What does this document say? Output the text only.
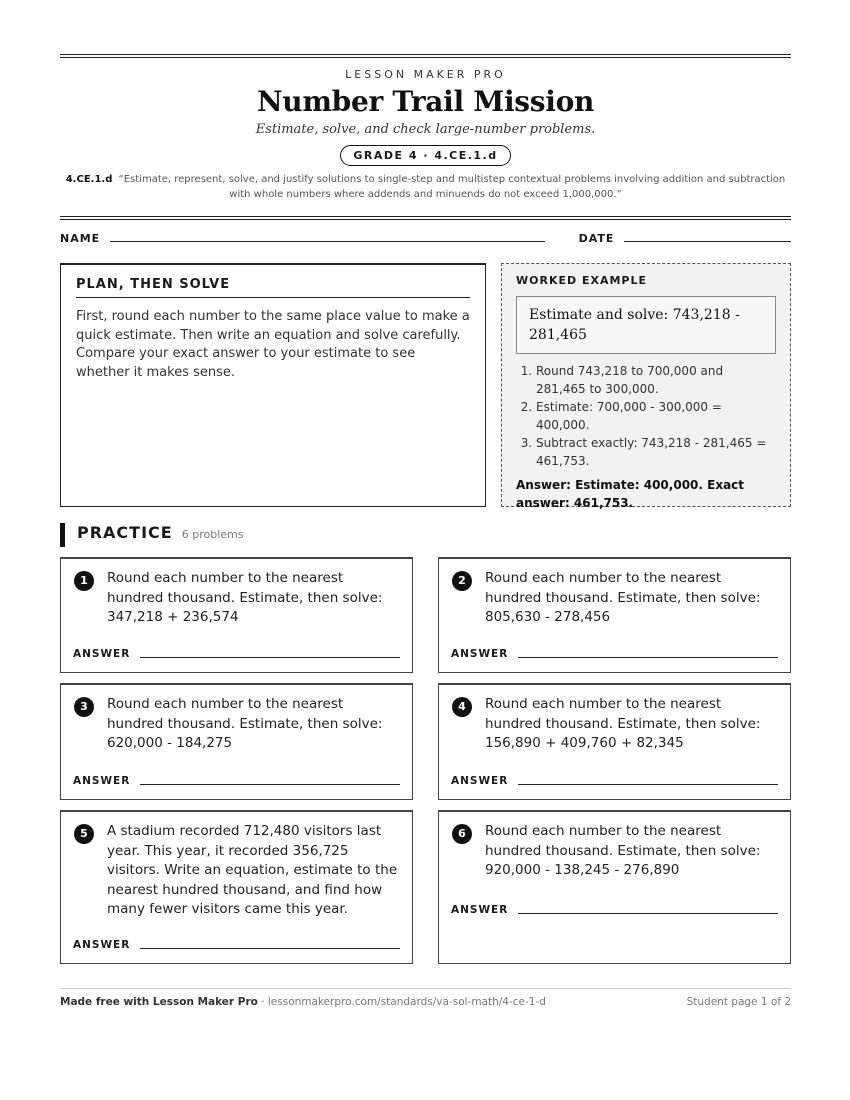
LESSON MAKER PRO
Number Trail Mission
Estimate, solve, and check large-number problems.
GRADE 4 · 4.CE.1.d
4.CE.1.d “Estimate, represent, solve, and justify solutions to single-step and multistep contextual problems involving addition and subtraction with whole numbers where addends and minuends do not exceed 1,000,000.”
NAME	DATE
PLAN, THEN SOLVE

First, round each number to the same place value to make a quick estimate. Then write an equation and solve carefully. Compare your exact answer to your estimate to see whether it makes sense.

WORKED EXAMPLE
Estimate and solve: 743,218 - 281,465
1. Round 743,218 to 700,000 and 281,465 to 300,000.
2. Estimate: 700,000 - 300,000 = 400,000.
3. Subtract exactly: 743,218 - 281,465 = 461,753.
Answer: Estimate: 400,000. Exact answer: 461,753.
PRACTICE 6 problems
1	Round each number to the nearest hundred thousand. Estimate, then solve: 347,218 + 236,574
ANSWER
2	Round each number to the nearest hundred thousand. Estimate, then solve: 805,630 - 278,456
ANSWER
3	Round each number to the nearest hundred thousand. Estimate, then solve: 620,000 - 184,275
ANSWER
4	Round each number to the nearest hundred thousand. Estimate, then solve: 156,890 + 409,760 + 82,345
ANSWER
5	A stadium recorded 712,480 visitors last year. This year, it recorded 356,725 visitors. Write an equation, estimate to the nearest hundred thousand, and find how many fewer visitors came this year.
ANSWER
6	Round each number to the nearest hundred thousand. Estimate, then solve: 920,000 - 138,245 - 276,890
ANSWER
Made free with Lesson Maker Pro · lessonmakerpro.com/standards/va-sol-math/4-ce-1-d	Student page 1 of 2
